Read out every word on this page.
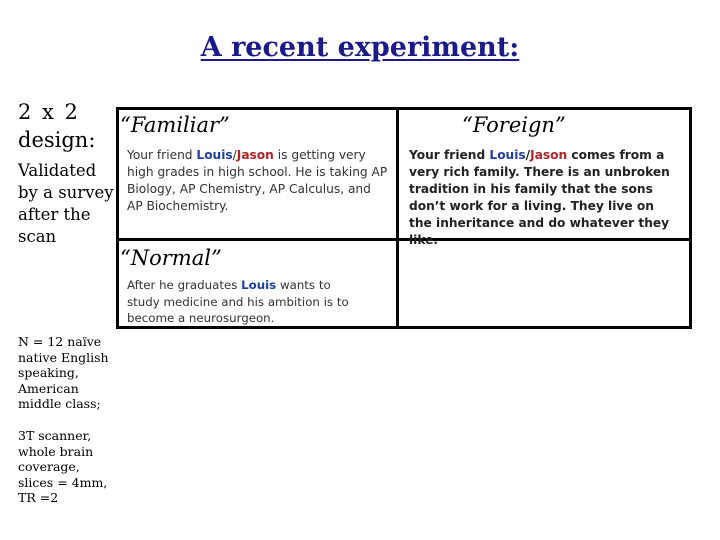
A recent experiment:
2 x 2
design:
Validated by a survey after the scan
N = 12 naïve native English speaking, American middle class;
3T scanner, whole brain coverage, slices = 4mm, TR =2
“Familiar”	“Foreign”
“Normal”
Your friend Louis/Jason is getting very high grades in high school. He is taking AP Biology, AP Chemistry, AP Calculus, and AP Biochemistry.
Your friend Louis/Jason comes from a very rich family. There is an unbroken tradition in his family that the sons don’t work for a living. They live on the inheritance and do whatever they like.
After he graduates Louis wants to study medicine and his ambition is to become a neurosurgeon.
